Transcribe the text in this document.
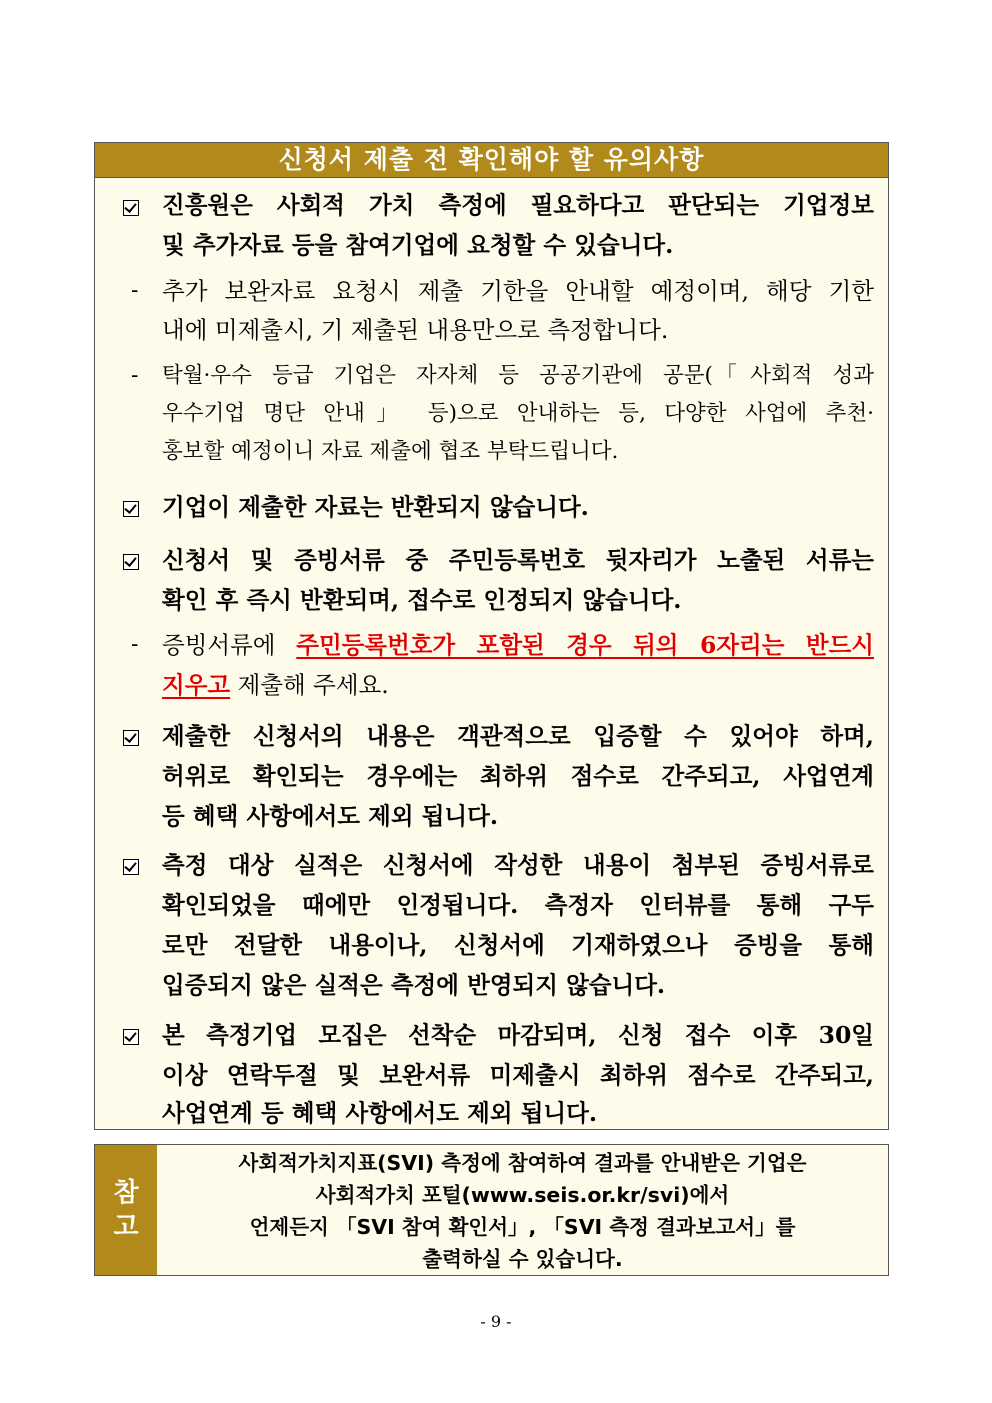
신청서 제출 전 확인해야 할 유의사항
진흥원은 사회적 가치 측정에 필요하다고 판단되는 기업정보
및 추가자료 등을 참여기업에 요청할 수 있습니다.
- 추가 보완자료 요청시 제출 기한을 안내할 예정이며, 해당 기한
내에 미제출시, 기 제출된 내용만으로 측정합니다.
- 탁월·우수 등급 기업은 자자체 등 공공기관에 공문(「사회적 성과
우수기업 명단 안내」 등)으로 안내하는 등, 다양한 사업에 추천·
홍보할 예정이니 자료 제출에 협조 부탁드립니다.
기업이 제출한 자료는 반환되지 않습니다.
신청서 및 증빙서류 중 주민등록번호 뒷자리가 노출된 서류는
확인 후 즉시 반환되며, 접수로 인정되지 않습니다.
- 증빙서류에 주민등록번호가 포함된 경우 뒤의 6자리는 반드시
지우고 제출해 주세요.
제출한 신청서의 내용은 객관적으로 입증할 수 있어야 하며,
허위로 확인되는 경우에는 최하위 점수로 간주되고, 사업연계
등 혜택 사항에서도 제외 됩니다.
측정 대상 실적은 신청서에 작성한 내용이 첨부된 증빙서류로
확인되었을 때에만 인정됩니다. 측정자 인터뷰를 통해 구두
로만 전달한 내용이나, 신청서에 기재하였으나 증빙을 통해
입증되지 않은 실적은 측정에 반영되지 않습니다.
본 측정기업 모집은 선착순 마감되며, 신청 접수 이후 30일
이상 연락두절 및 보완서류 미제출시 최하위 점수로 간주되고,
사업연계 등 혜택 사항에서도 제외 됩니다.
참
고
사회적가치지표(SVI) 측정에 참여하여 결과를 안내받은 기업은
사회적가치 포털(www.seis.or.kr/svi)에서
언제든지 「SVI 참여 확인서」, 「SVI 측정 결과보고서」를
출력하실 수 있습니다.
- 9 -
